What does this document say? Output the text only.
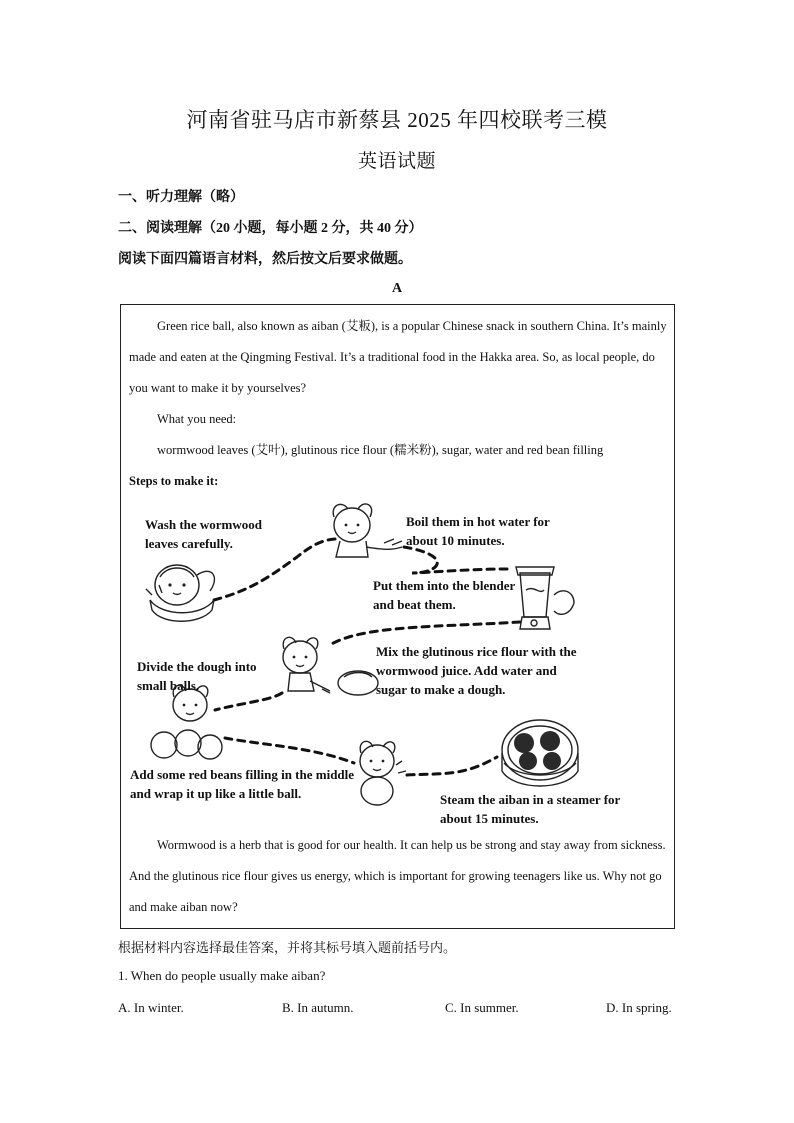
河南省驻马店市新蔡县 2025 年四校联考三模
英语试题
一、听力理解（略）
二、阅读理解（20 小题，每小题 2 分，共 40 分）
阅读下面四篇语言材料，然后按文后要求做题。
A
Green rice ball, also known as aiban (艾粄), is a popular Chinese snack in southern China. It’s mainly made and eaten at the Qingming Festival. It’s a traditional food in the Hakka area. So, as local people, do you want to make it by yourselves?
What you need:
wormwood leaves (艾叶), glutinous rice flour (糯米粉), sugar, water and red bean filling
Steps to make it:
Wash the wormwood leaves carefully.
Boil them in hot water for about 10 minutes.
Put them into the blender and beat them.
Mix the glutinous rice flour with the wormwood juice. Add water and sugar to make a dough.
Divide the dough into small balls.
Add some red beans filling in the middle and wrap it up like a little ball.	Steam the aiban in a steamer for about 15 minutes.
Wormwood is a herb that is good for our health. It can help us be strong and stay away from sickness. And the glutinous rice flour gives us energy, which is important for growing teenagers like us. Why not go and make aiban now?
根据材料内容选择最佳答案，并将其标号填入题前括号内。
1. When do people usually make aiban?
A. In winter.	B. In autumn.	C. In summer.	D. In spring.
